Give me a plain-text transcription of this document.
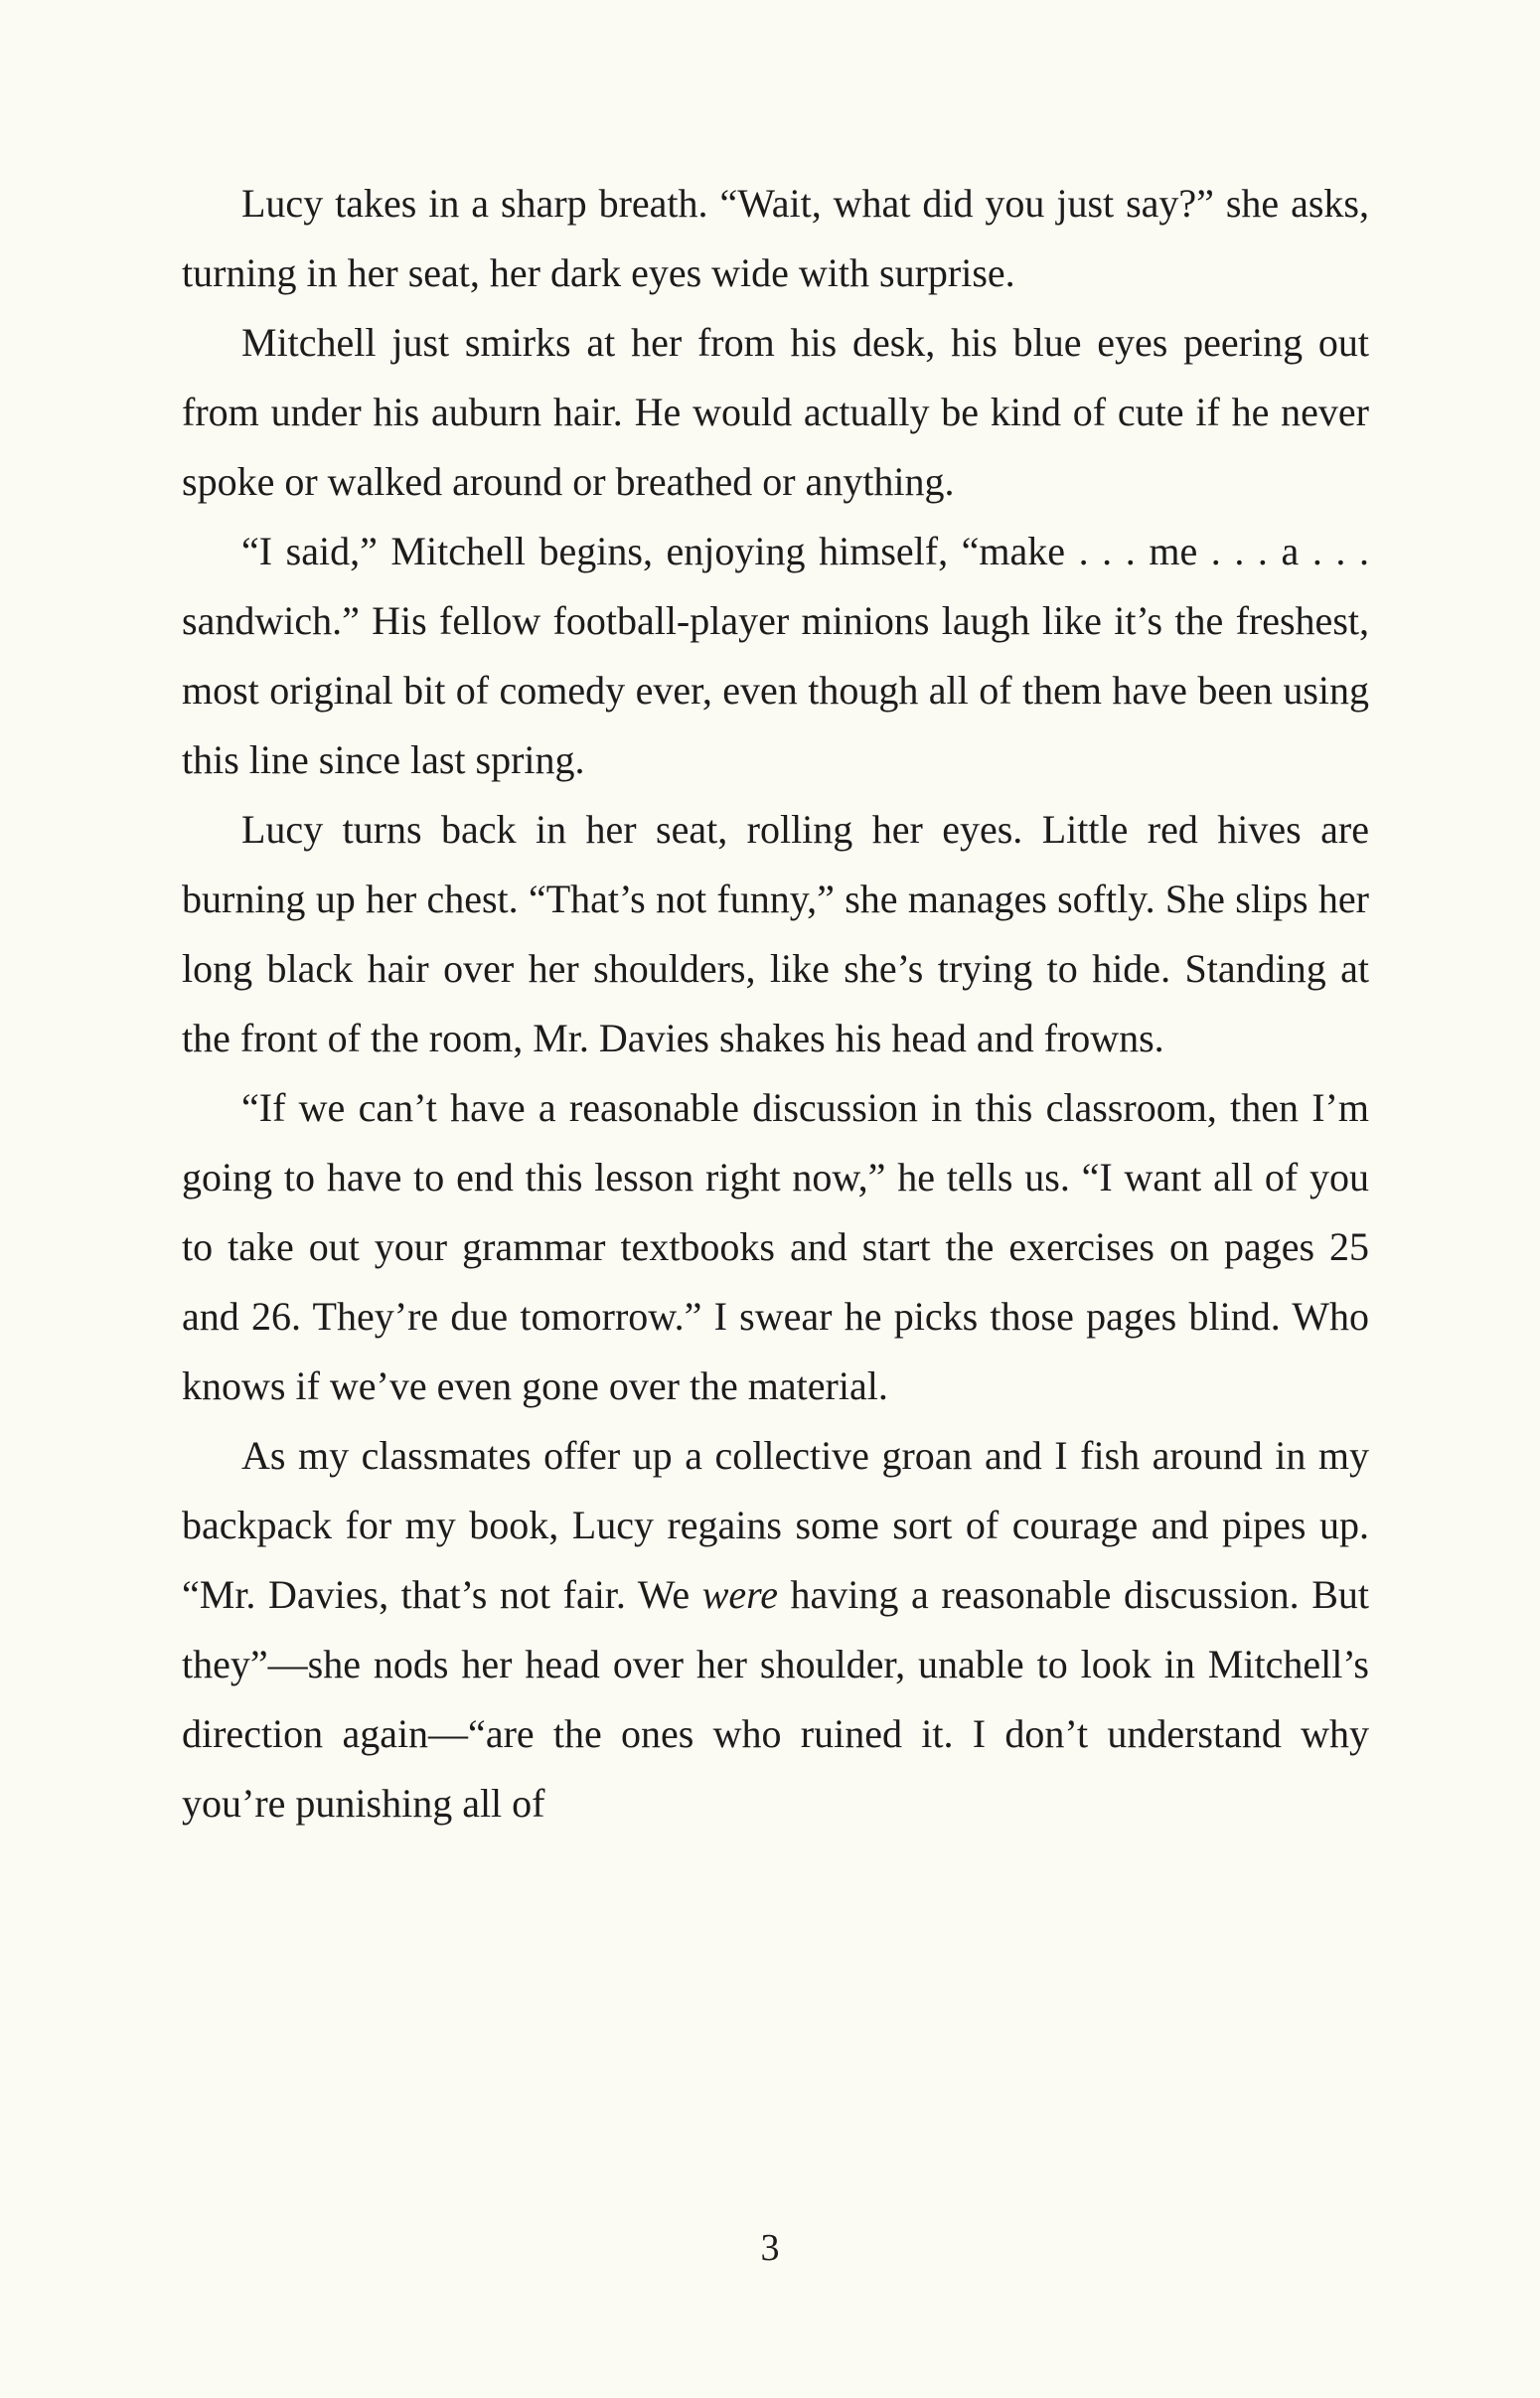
Lucy takes in a sharp breath. “Wait, what did you just say?” she asks, turning in her seat, her dark eyes wide with surprise.

Mitchell just smirks at her from his desk, his blue eyes peering out from under his auburn hair. He would actually be kind of cute if he never spoke or walked around or breathed or anything.

“I said,” Mitchell begins, enjoying himself, “make . . . me . . . a . . . sandwich.” His fellow football-player minions laugh like it’s the freshest, most original bit of comedy ever, even though all of them have been using this line since last spring.

Lucy turns back in her seat, rolling her eyes. Little red hives are burning up her chest. “That’s not funny,” she manages softly. She slips her long black hair over her shoulders, like she’s trying to hide. Standing at the front of the room, Mr. Davies shakes his head and frowns.

“If we can’t have a reasonable discussion in this classroom, then I’m going to have to end this lesson right now,” he tells us. “I want all of you to take out your grammar textbooks and start the exercises on pages 25 and 26. They’re due tomorrow.” I swear he picks those pages blind. Who knows if we’ve even gone over the material.

As my classmates offer up a collective groan and I fish around in my backpack for my book, Lucy regains some sort of courage and pipes up. “Mr. Davies, that’s not fair. We were having a reasonable discussion. But they”—she nods her head over her shoulder, unable to look in Mitchell’s direction again—“are the ones who ruined it. I don’t understand why you’re punishing all of

3
